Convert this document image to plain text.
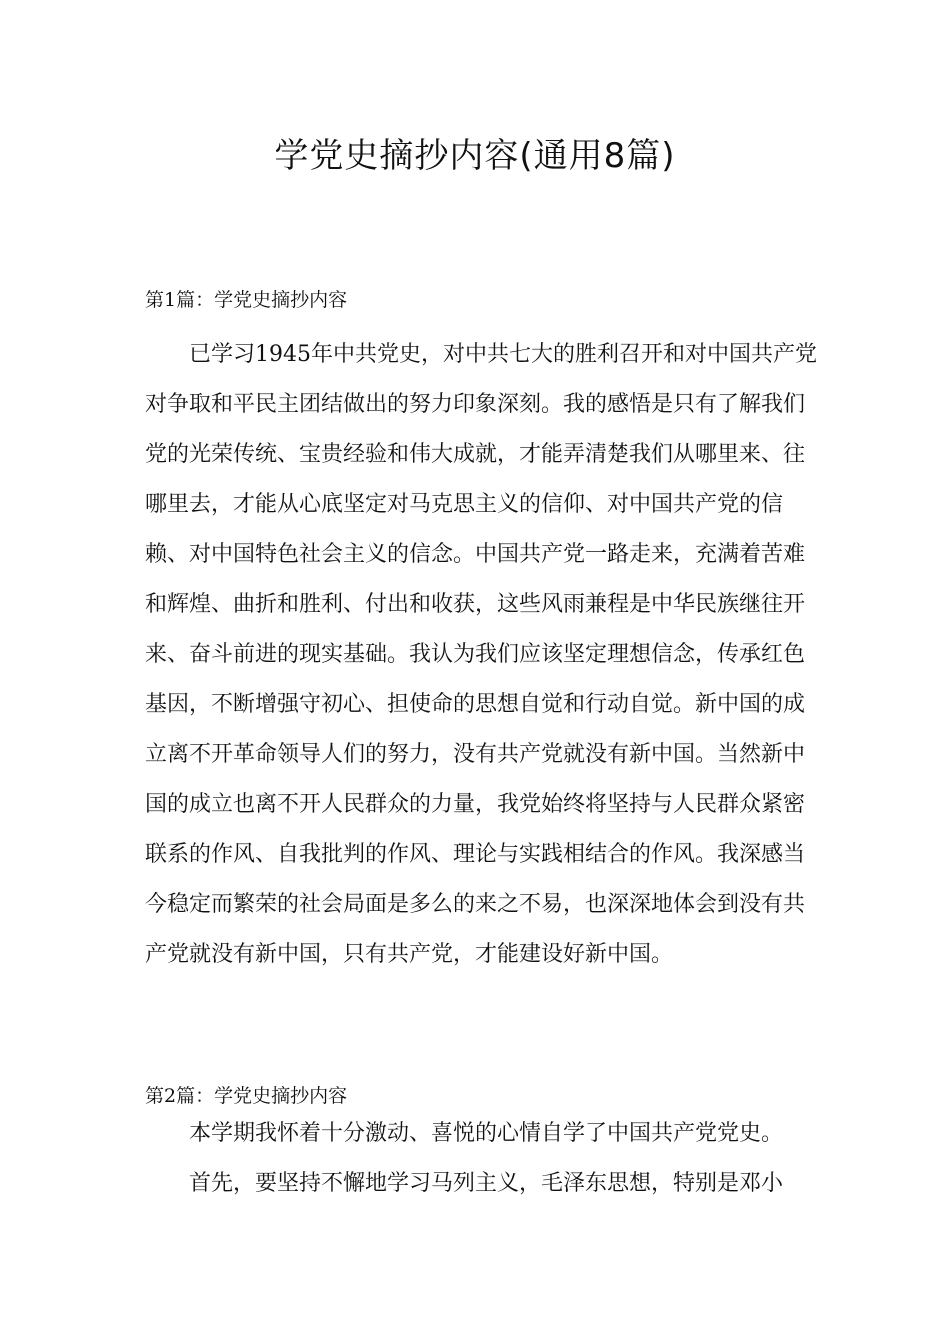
学党史摘抄内容(通用8篇)

第1篇：学党史摘抄内容

已学习1945年中共党史，对中共七大的胜利召开和对中国共产党对争取和平民主团结做出的努力印象深刻。我的感悟是只有了解我们党的光荣传统、宝贵经验和伟大成就，才能弄清楚我们从哪里来、往哪里去，才能从心底坚定对马克思主义的信仰、对中国共产党的信赖、对中国特色社会主义的信念。中国共产党一路走来，充满着苦难和辉煌、曲折和胜利、付出和收获，这些风雨兼程是中华民族继往开来、奋斗前进的现实基础。我认为我们应该坚定理想信念，传承红色基因，不断增强守初心、担使命的思想自觉和行动自觉。新中国的成立离不开革命领导人们的努力，没有共产党就没有新中国。当然新中国的成立也离不开人民群众的力量，我党始终将坚持与人民群众紧密联系的作风、自我批判的作风、理论与实践相结合的作风。我深感当今稳定而繁荣的社会局面是多么的来之不易，也深深地体会到没有共产党就没有新中国，只有共产党，才能建设好新中国。

第2篇：学党史摘抄内容

本学期我怀着十分激动、喜悦的心情自学了中国共产党党史。

首先，要坚持不懈地学习马列主义，毛泽东思想，特别是邓小
